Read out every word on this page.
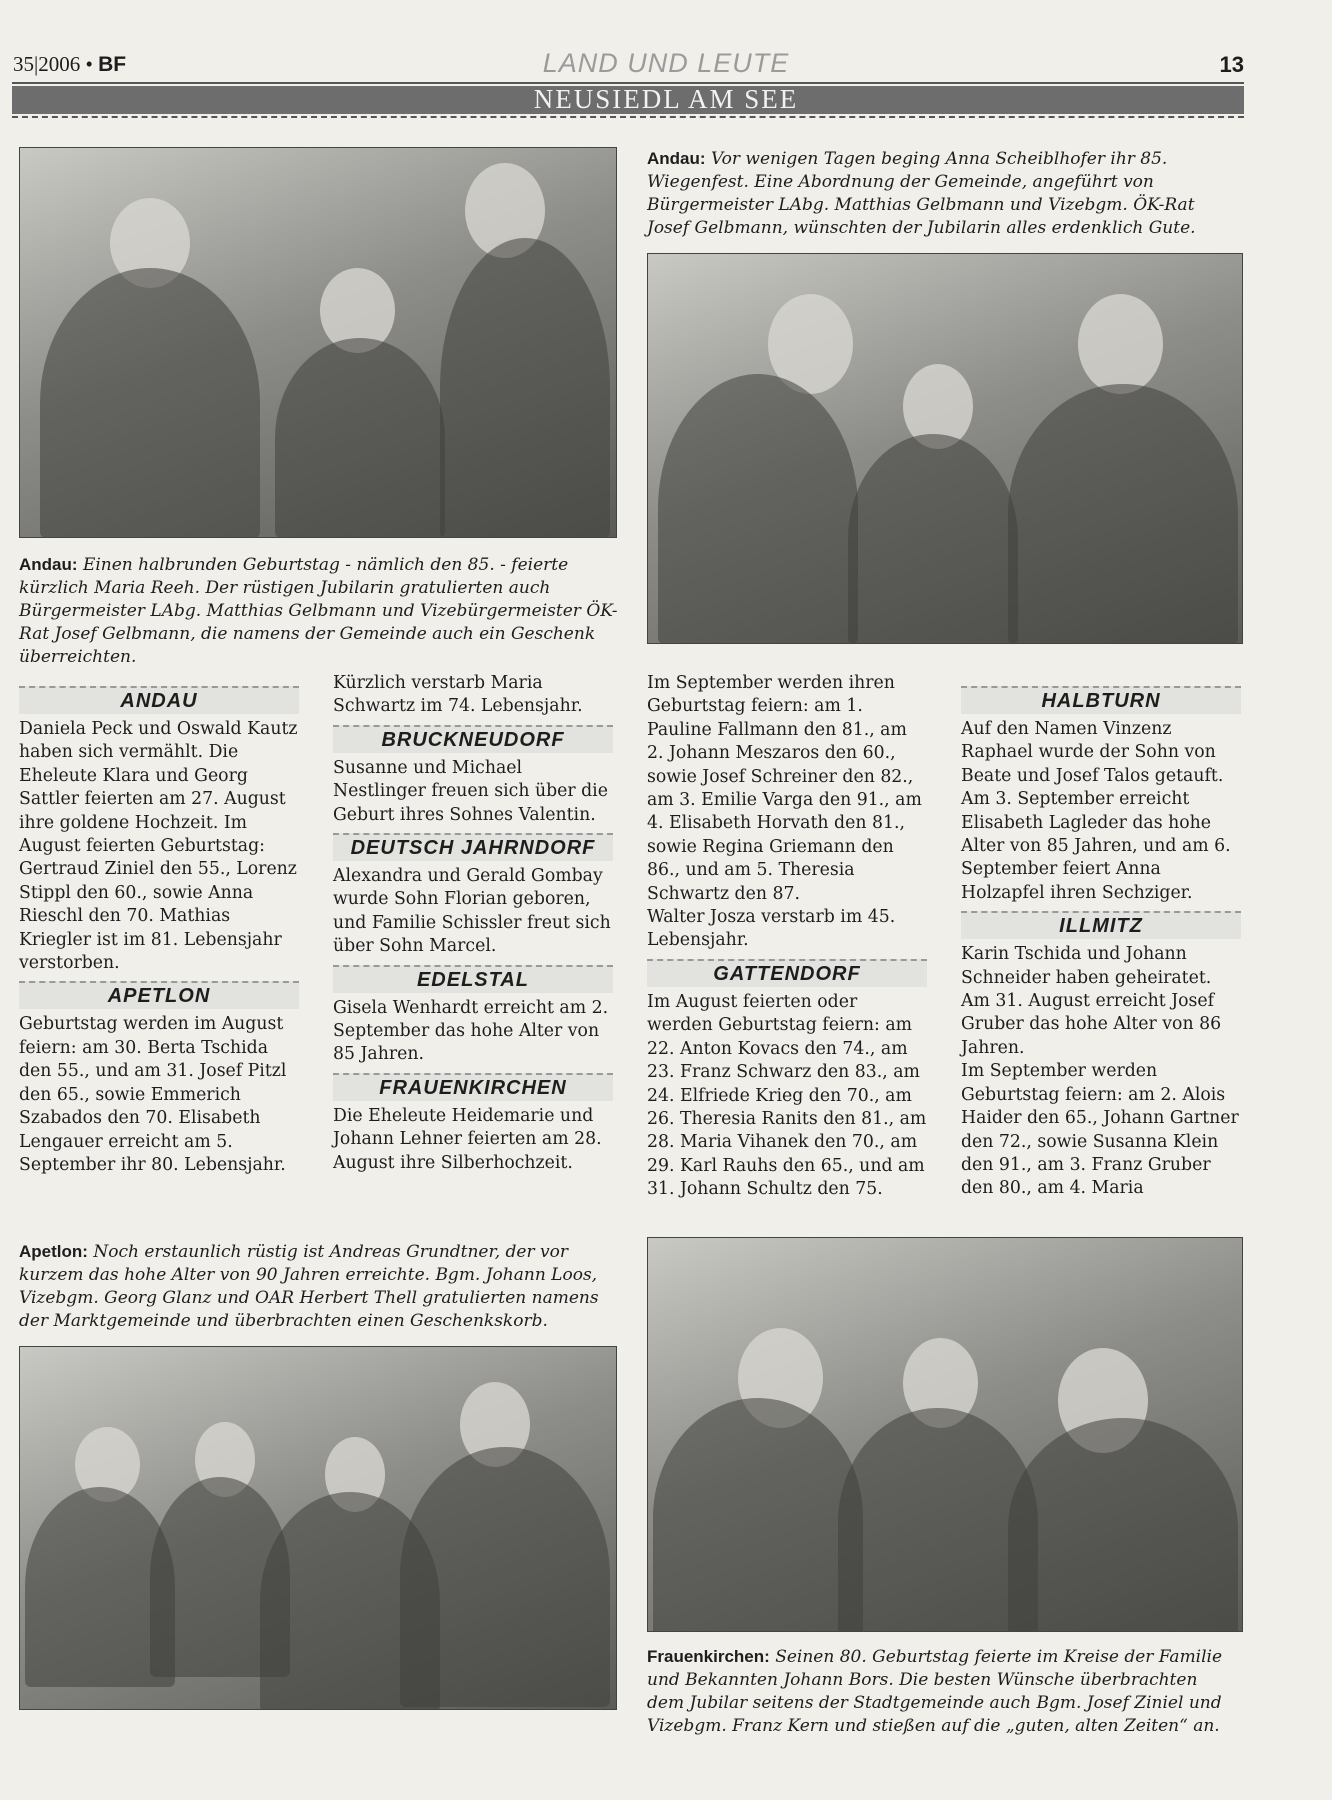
35|2006 • BF	LAND UND LEUTE	13
NEUSIEDL AM SEE
Andau: Einen halbrunden Geburtstag - nämlich den 85. - feierte kürzlich Maria Reeh. Der rüstigen Jubilarin gratulierten auch Bürgermeister LAbg. Matthias Gelbmann und Vizebürgermeister ÖK-Rat Josef Gelbmann, die namens der Gemeinde auch ein Geschenk überreichten.
Andau: Vor wenigen Tagen beging Anna Scheiblhofer ihr 85. Wiegenfest. Eine Abordnung der Gemeinde, angeführt von Bürgermeister LAbg. Matthias Gelbmann und Vizebgm. ÖK-Rat Josef Gelbmann, wünschten der Jubilarin alles erdenklich Gute.
ANDAU

Daniela Peck und Oswald Kautz haben sich vermählt. Die Eheleute Klara und Georg Sattler feierten am 27. August ihre goldene Hochzeit. Im August feierten Geburtstag: Gertraud Ziniel den 55., Lorenz Stippl den 60., sowie Anna Rieschl den 70. Mathias Kriegler ist im 81. Lebensjahr verstorben.

APETLON

Geburtstag werden im August feiern: am 30. Berta Tschida den 55., und am 31. Josef Pitzl den 65., sowie Emmerich Szabados den 70. Elisabeth Lengauer erreicht am 5. September ihr 80. Lebensjahr.

Kürzlich verstarb Maria Schwartz im 74. Lebensjahr.

BRUCKNEUDORF

Susanne und Michael Nestlinger freuen sich über die Geburt ihres Sohnes Valentin.

DEUTSCH JAHRNDORF

Alexandra und Gerald Gombay wurde Sohn Florian geboren, und Familie Schissler freut sich über Sohn Marcel.

EDELSTAL

Gisela Wenhardt erreicht am 2. September das hohe Alter von 85 Jahren.

FRAUENKIRCHEN

Die Eheleute Heidemarie und Johann Lehner feierten am 28. August ihre Silberhochzeit.

Im September werden ihren Geburtstag feiern: am 1. Pauline Fallmann den 81., am 2. Johann Meszaros den 60., sowie Josef Schreiner den 82., am 3. Emilie Varga den 91., am 4. Elisabeth Horvath den 81., sowie Regina Griemann den 86., und am 5. Theresia Schwartz den 87.

Walter Josza verstarb im 45. Lebensjahr.

GATTENDORF

Im August feierten oder werden Geburtstag feiern: am 22. Anton Kovacs den 74., am 23. Franz Schwarz den 83., am 24. Elfriede Krieg den 70., am 26. Theresia Ranits den 81., am 28. Maria Vihanek den 70., am 29. Karl Rauhs den 65., und am 31. Johann Schultz den 75.

HALBTURN

Auf den Namen Vinzenz Raphael wurde der Sohn von Beate und Josef Talos getauft. Am 3. September erreicht Elisabeth Lagleder das hohe Alter von 85 Jahren, und am 6. September feiert Anna Holzapfel ihren Sechziger.

ILLMITZ

Karin Tschida und Johann Schneider haben geheiratet.

Am 31. August erreicht Josef Gruber das hohe Alter von 86 Jahren.

Im September werden Geburtstag feiern: am 2. Alois Haider den 65., Johann Gartner den 72., sowie Susanna Klein den 91., am 3. Franz Gruber den 80., am 4. Maria

Apetlon: Noch erstaunlich rüstig ist Andreas Grundtner, der vor kurzem das hohe Alter von 90 Jahren erreichte. Bgm. Johann Loos, Vizebgm. Georg Glanz und OAR Herbert Thell gratulierten namens der Marktgemeinde und überbrachten einen Geschenkskorb.
Frauenkirchen: Seinen 80. Geburtstag feierte im Kreise der Familie und Bekannten Johann Bors. Die besten Wünsche überbrachten dem Jubilar seitens der Stadtgemeinde auch Bgm. Josef Ziniel und Vizebgm. Franz Kern und stießen auf die „guten, alten Zeiten“ an.
